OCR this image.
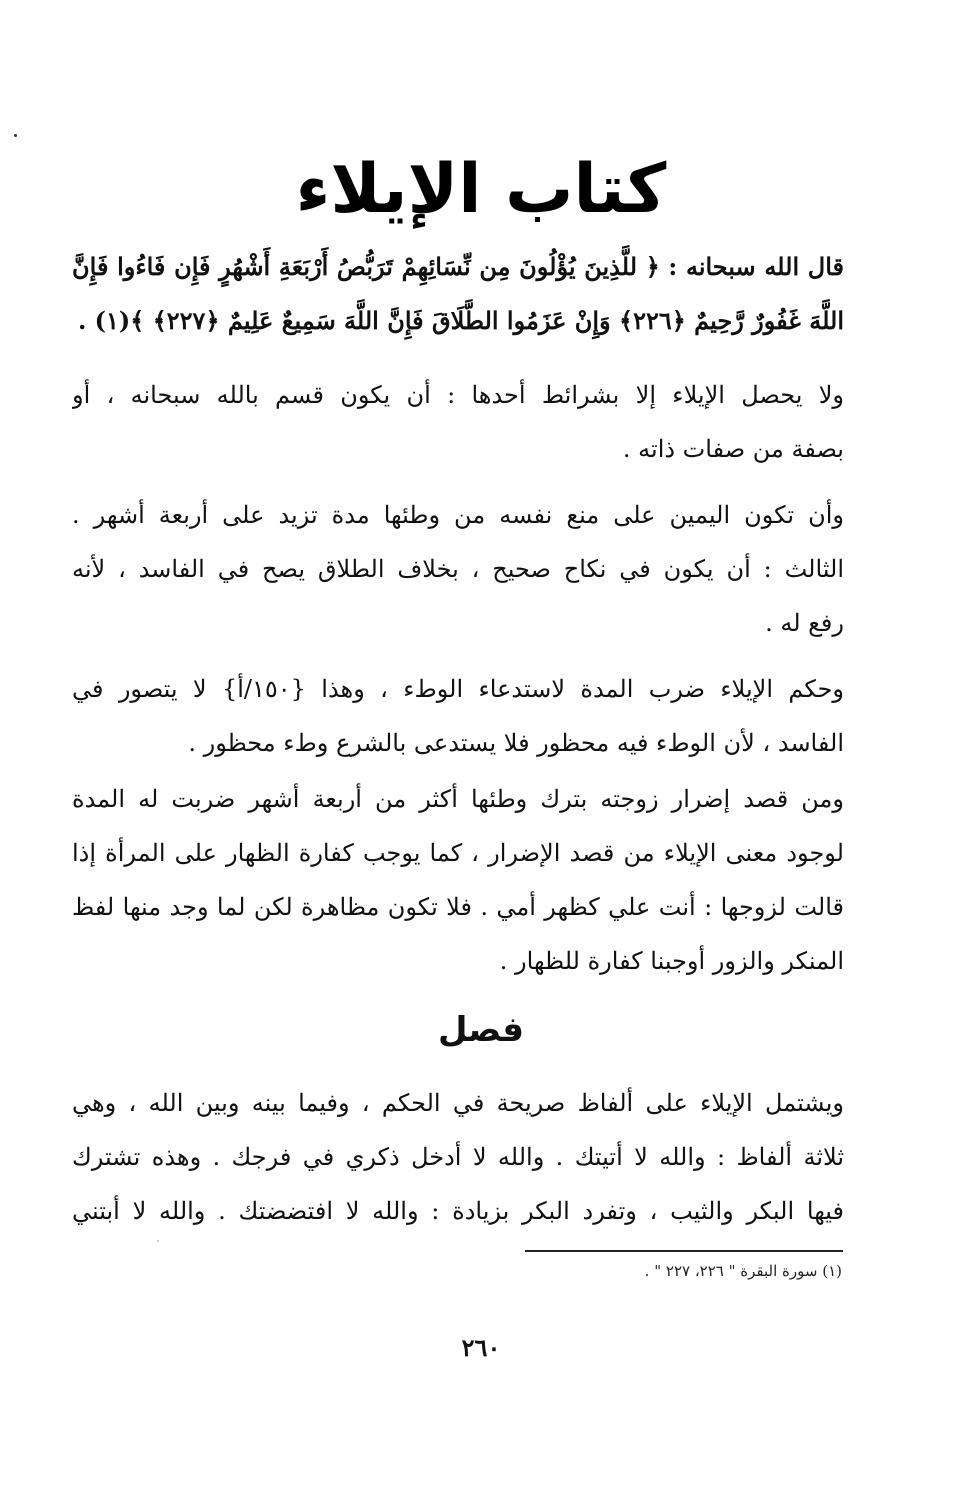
كتاب الإيلاء
قال الله سبحانه : ﴿ للَّذِينَ يُؤْلُونَ مِن نِّسَائِهِمْ تَرَبُّصُ أَرْبَعَةِ أَشْهُرٍ فَإِن فَاءُوا فَإِنَّ
اللَّهَ غَفُورٌ رَّحِيمٌ ﴿٢٢٦﴾ وَإِنْ عَزَمُوا الطَّلَاقَ فَإِنَّ اللَّهَ سَمِيعٌ عَلِيمٌ ﴿٢٢٧﴾ ﴾(١) .
ولا يحصل الإيلاء إلا بشرائط أحدها : أن يكون قسم بالله سبحانه ، أو
بصفة من صفات ذاته .
وأن تكون اليمين على منع نفسه من وطئها مدة تزيد على أربعة أشهر .
الثالث : أن يكون في نكاح صحيح ، بخلاف الطلاق يصح في الفاسد ، لأنه
رفع له .
وحكم الإيلاء ضرب المدة لاستدعاء الوطء ، وهذا {١٥٠/أ} لا يتصور في
الفاسد ، لأن الوطء فيه محظور فلا يستدعى بالشرع وطء محظور .
ومن قصد إضرار زوجته بترك وطئها أكثر من أربعة أشهر ضربت له المدة
لوجود معنى الإيلاء من قصد الإضرار ، كما يوجب كفارة الظهار على المرأة إذا
قالت لزوجها : أنت علي كظهر أمي . فلا تكون مظاهرة لكن لما وجد منها لفظ
المنكر والزور أوجبنا كفارة للظهار .
فصل
ويشتمل الإيلاء على ألفاظ صريحة في الحكم ، وفيما بينه وبين الله ، وهي
ثلاثة ألفاظ : والله لا أتيتك . والله لا أدخل ذكري في فرجك . وهذه تشترك
فيها البكر والثيب ، وتفرد البكر بزيادة : والله لا افتضضتك . والله لا أبتني
(١) سورة البقرة " ٢٢٦، ٢٢٧ " .
٢٦٠
